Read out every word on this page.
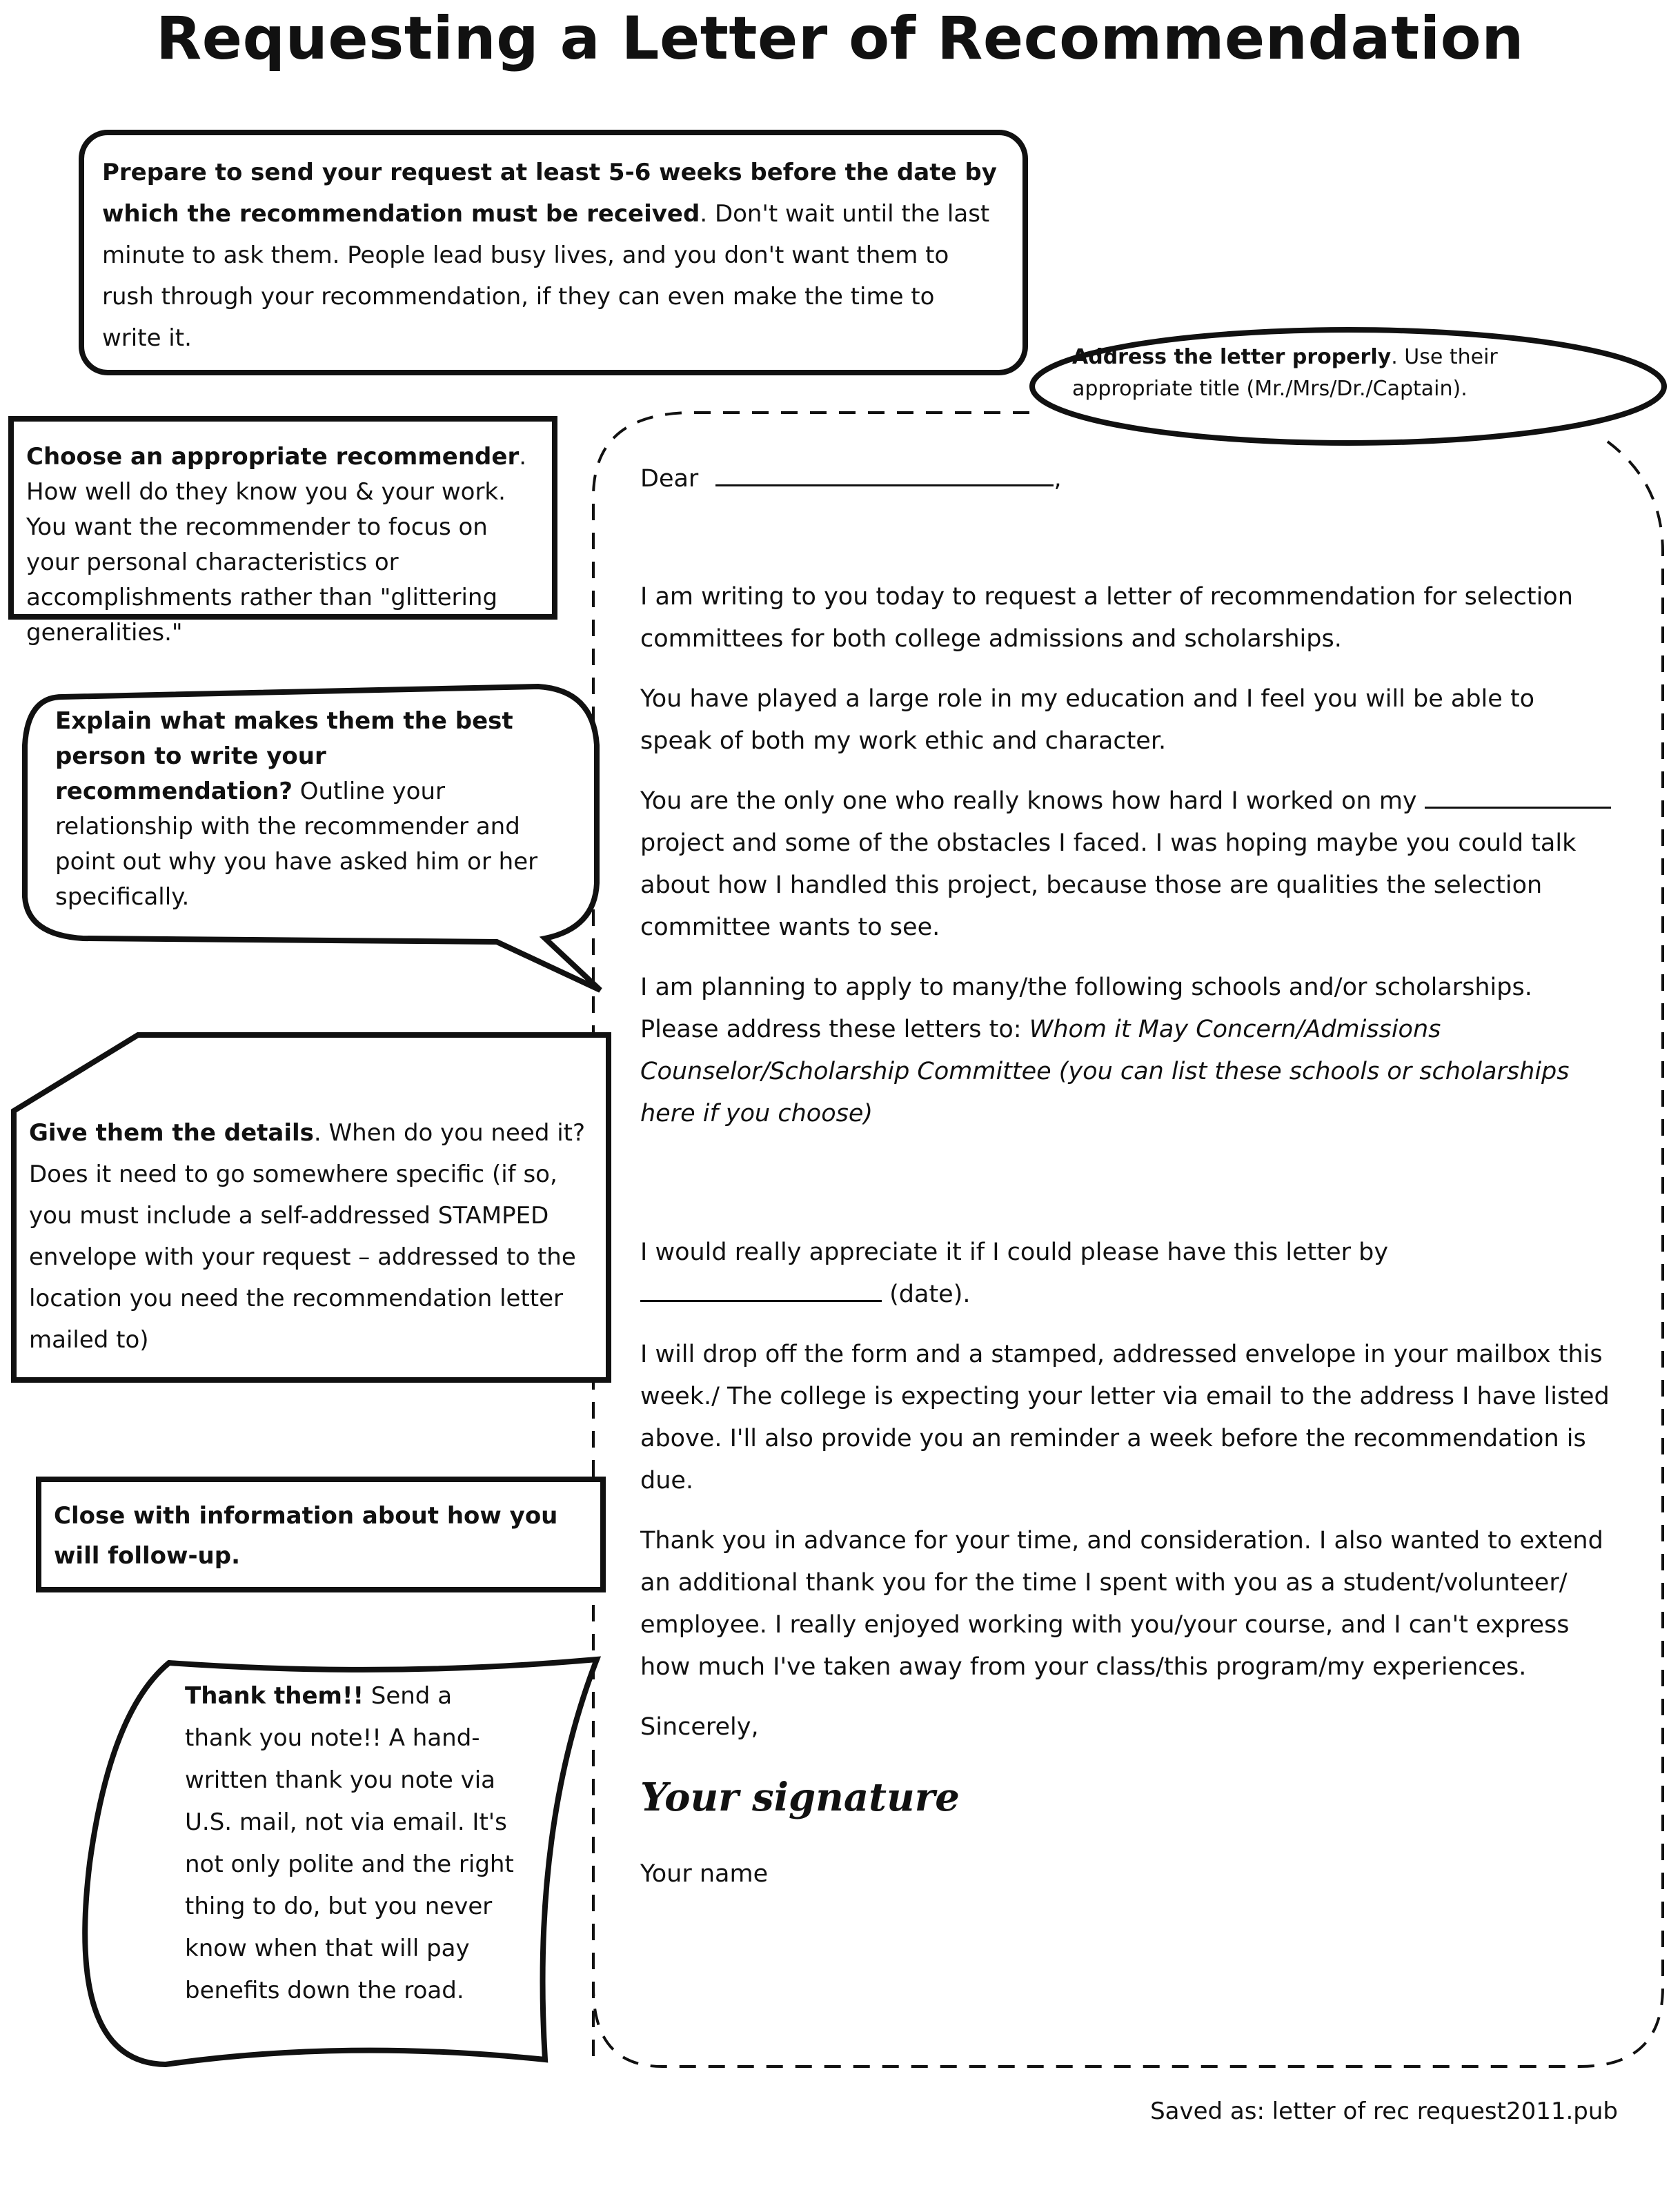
Requesting a Letter of Recommendation
Prepare to send your request at least 5-6 weeks before the date by which the recommendation must be received. Don't wait until the last minute to ask them. People lead busy lives, and you don't want them to rush through your recommendation, if they can even make the time to write it.
Address the letter properly. Use their appropriate title (Mr./Mrs/Dr./Captain).
Choose an appropriate recommender. How well do they know you & your work. You want the recommender to focus on your personal characteristics or accomplishments rather than "glittering generalities."
Explain what makes them the best person to write your recommendation? Outline your relationship with the recommender and point out why you have asked him or her specifically.
Give them the details. When do you need it? Does it need to go somewhere specific (if so, you must include a self-addressed STAMPED envelope with your request – addressed to the location you need the recommendation letter mailed to)
Close with information about how you will follow-up.
Thank them!! Send a thank you note!! A hand-written thank you note via U.S. mail, not via email. It's not only polite and the right thing to do, but you never know when that will pay benefits down the road.
Dear	,

I am writing to you today to request a letter of recommendation for selection committees for both college admissions and scholarships.

You have played a large role in my education and I feel you will be able to speak of both my work ethic and character.

You are the only one who really knows how hard I worked on my  project and some of the obstacles I faced. I was hoping maybe you could talk about how I handled this project, because those are qualities the selection committee wants to see.

I am planning to apply to many/the following schools and/or scholarships. Please address these letters to: Whom it May Concern/Admissions Counselor/Scholarship Committee (you can list these schools or scholarships here if you choose)

I would really appreciate it if I could please have this letter by  (date).

I will drop off the form and a stamped, addressed envelope in your mailbox this week./ The college is expecting your letter via email to the address I have listed above. I'll also provide you an reminder a week before the recommendation is due.

Thank you in advance for your time, and consideration. I also wanted to extend an additional thank you for the time I spent with you as a student/volunteer/ employee. I really enjoyed working with you/your course, and I can't express how much I've taken away from your class/this program/my experiences.

Sincerely,

Your signature
Your name
Saved as: letter of rec request2011.pub
